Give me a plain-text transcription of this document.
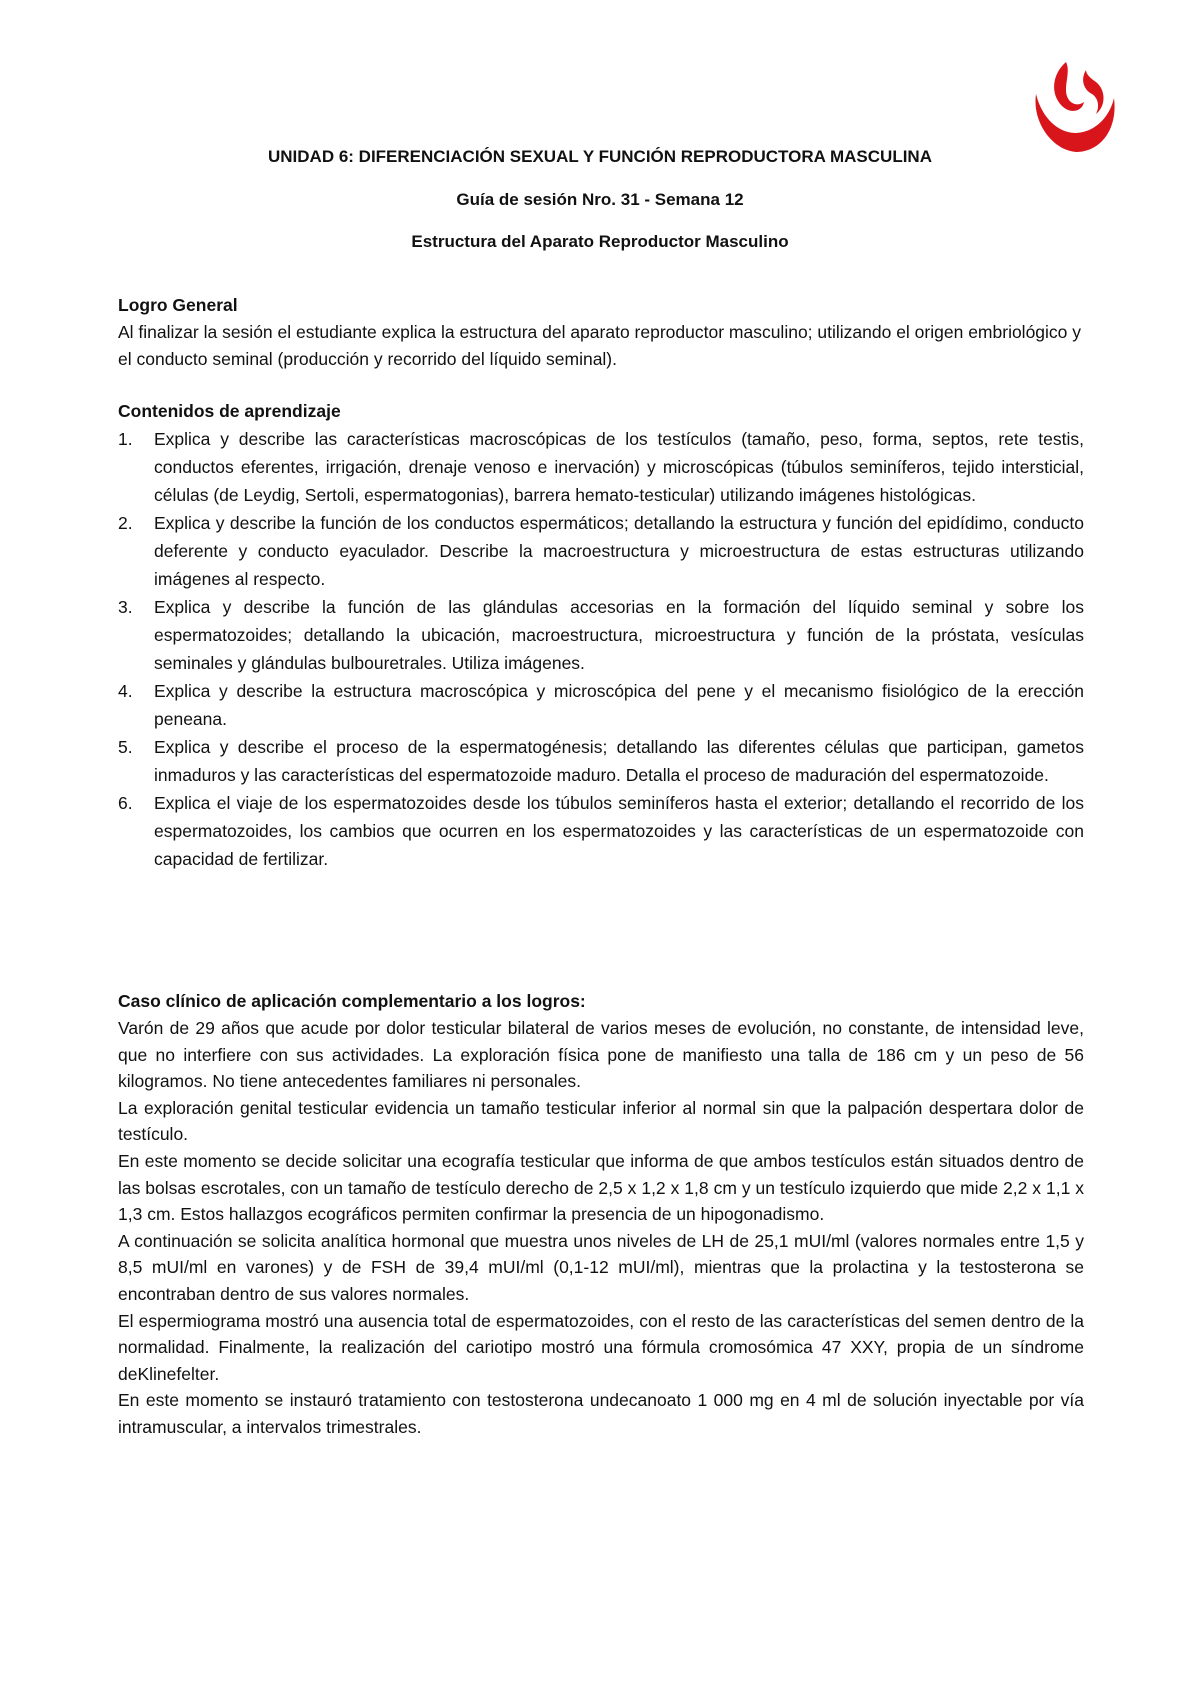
UNIDAD 6: DIFERENCIACIÓN SEXUAL Y FUNCIÓN REPRODUCTORA MASCULINA
Guía de sesión Nro. 31 - Semana 12
Estructura del Aparato Reproductor Masculino
Logro General

Al finalizar la sesión el estudiante explica la estructura del aparato reproductor masculino; utilizando el origen embriológico y el conducto seminal (producción y recorrido del líquido seminal).

Contenidos de aprendizaje
1. Explica y describe las características macroscópicas de los testículos (tamaño, peso, forma, septos, rete testis, conductos eferentes, irrigación, drenaje venoso e inervación) y microscópicas (túbulos seminíferos, tejido intersticial, células (de Leydig, Sertoli, espermatogonias), barrera hemato-testicular) utilizando imágenes histológicas.
2. Explica y describe la función de los conductos espermáticos; detallando la estructura y función del epidídimo, conducto deferente y conducto eyaculador. Describe la macroestructura y microestructura de estas estructuras utilizando imágenes al respecto.
3. Explica y describe la función de las glándulas accesorias en la formación del líquido seminal y sobre los espermatozoides; detallando la ubicación, macroestructura, microestructura y función de la próstata, vesículas seminales y glándulas bulbouretrales. Utiliza imágenes.
4. Explica y describe la estructura macroscópica y microscópica del pene y el mecanismo fisiológico de la erección peneana.
5. Explica y describe el proceso de la espermatogénesis; detallando las diferentes células que participan, gametos inmaduros y las características del espermatozoide maduro. Detalla el proceso de maduración del espermatozoide.
6. Explica el viaje de los espermatozoides desde los túbulos seminíferos hasta el exterior; detallando el recorrido de los espermatozoides, los cambios que ocurren en los espermatozoides y las características de un espermatozoide con capacidad de fertilizar.
Caso clínico de aplicación complementario a los logros:

Varón de 29 años que acude por dolor testicular bilateral de varios meses de evolución, no constante, de intensidad leve, que no interfiere con sus actividades. La exploración física pone de manifiesto una talla de 186 cm y un peso de 56 kilogramos. No tiene antecedentes familiares ni personales.

La exploración genital testicular evidencia un tamaño testicular inferior al normal sin que la palpación despertara dolor de testículo.

En este momento se decide solicitar una ecografía testicular que informa de que ambos testículos están situados dentro de las bolsas escrotales, con un tamaño de testículo derecho de 2,5 x 1,2 x 1,8 cm y un testículo izquierdo que mide 2,2 x 1,1 x 1,3 cm. Estos hallazgos ecográficos permiten confirmar la presencia de un hipogonadismo.

A continuación se solicita analítica hormonal que muestra unos niveles de LH de 25,1 mUI/ml (valores normales entre 1,5 y 8,5 mUI/ml en varones) y de FSH de 39,4 mUI/ml (0,1-12 mUI/ml), mientras que la prolactina y la testosterona se encontraban dentro de sus valores normales.

El espermiograma mostró una ausencia total de espermatozoides, con el resto de las características del semen dentro de la normalidad. Finalmente, la realización del cariotipo mostró una fórmula cromosómica 47 XXY, propia de un síndrome deKlinefelter.

En este momento se instauró tratamiento con testosterona undecanoato 1 000 mg en 4 ml de solución inyectable por vía intramuscular, a intervalos trimestrales.
